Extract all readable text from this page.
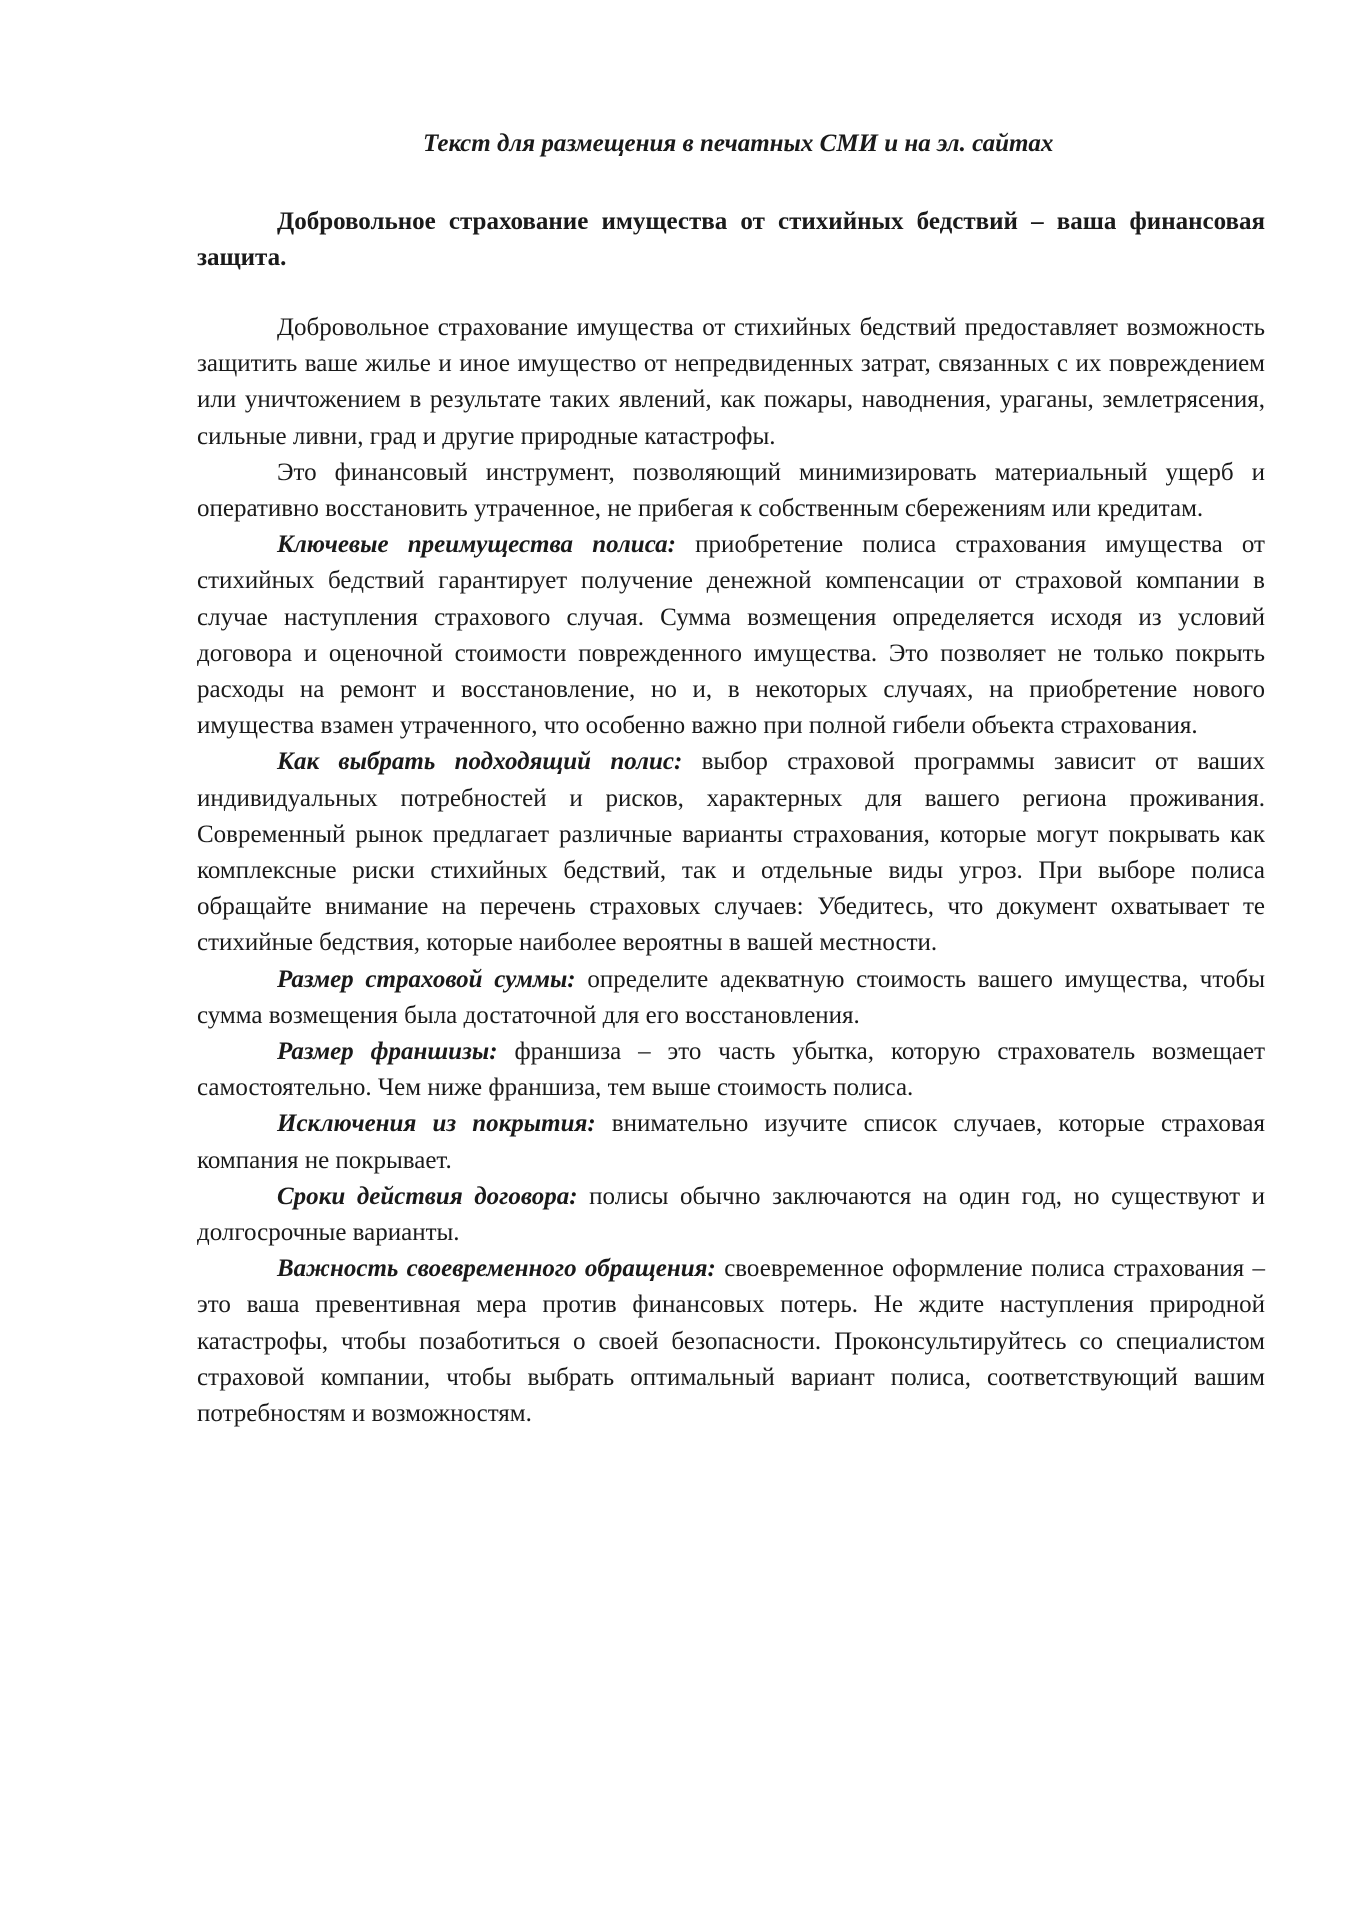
Текст для размещения в печатных СМИ и на эл. сайтах
Добровольное страхование имущества от стихийных бедствий – ваша финансовая защита.

Добровольное страхование имущества от стихийных бедствий предоставляет возможность защитить ваше жилье и иное имущество от непредвиденных затрат, связанных с их повреждением или уничтожением в результате таких явлений, как пожары, наводнения, ураганы, землетрясения, сильные ливни, град и другие природные катастрофы.

Это финансовый инструмент, позволяющий минимизировать материальный ущерб и оперативно восстановить утраченное, не прибегая к собственным сбережениям или кредитам.

Ключевые преимущества полиса: приобретение полиса страхования имущества от стихийных бедствий гарантирует получение денежной компенсации от страховой компании в случае наступления страхового случая. Сумма возмещения определяется исходя из условий договора и оценочной стоимости поврежденного имущества. Это позволяет не только покрыть расходы на ремонт и восстановление, но и, в некоторых случаях, на приобретение нового имущества взамен утраченного, что особенно важно при полной гибели объекта страхования.

Как выбрать подходящий полис: выбор страховой программы зависит от ваших индивидуальных потребностей и рисков, характерных для вашего региона проживания. Современный рынок предлагает различные варианты страхования, которые могут покрывать как комплексные риски стихийных бедствий, так и отдельные виды угроз. При выборе полиса обращайте внимание на перечень страховых случаев: Убедитесь, что документ охватывает те стихийные бедствия, которые наиболее вероятны в вашей местности.

Размер страховой суммы: определите адекватную стоимость вашего имущества, чтобы сумма возмещения была достаточной для его восстановления.

Размер франшизы: франшиза – это часть убытка, которую страхователь возмещает самостоятельно. Чем ниже франшиза, тем выше стоимость полиса.

Исключения из покрытия: внимательно изучите список случаев, которые страховая компания не покрывает.

Сроки действия договора: полисы обычно заключаются на один год, но существуют и долгосрочные варианты.

Важность своевременного обращения: своевременное оформление полиса страхования – это ваша превентивная мера против финансовых потерь. Не ждите наступления природной катастрофы, чтобы позаботиться о своей безопасности. Проконсультируйтесь со специалистом страховой компании, чтобы выбрать оптимальный вариант полиса, соответствующий вашим потребностям и возможностям.
